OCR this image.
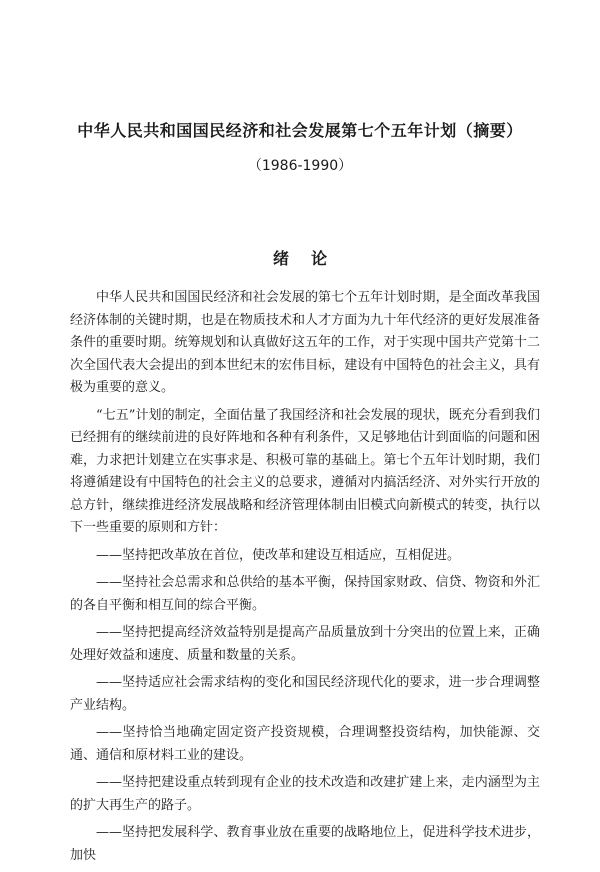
中华人民共和国国民经济和社会发展第七个五年计划（摘要）
（1986-1990）
绪论

中华人民共和国国民经济和社会发展的第七个五年计划时期，是全面改革我国经济体制的关键时期，也是在物质技术和人才方面为九十年代经济的更好发展准备条件的重要时期。统筹规划和认真做好这五年的工作，对于实现中国共产党第十二次全国代表大会提出的到本世纪末的宏伟目标，建设有中国特色的社会主义，具有极为重要的意义。

“七五”计划的制定，全面估量了我国经济和社会发展的现状，既充分看到我们已经拥有的继续前进的良好阵地和各种有利条件，又足够地估计到面临的问题和困难，力求把计划建立在实事求是、积极可靠的基础上。第七个五年计划时期，我们将遵循建设有中国特色的社会主义的总要求，遵循对内搞活经济、对外实行开放的总方针，继续推进经济发展战略和经济管理体制由旧模式向新模式的转变，执行以下一些重要的原则和方针：

——坚持把改革放在首位，使改革和建设互相适应，互相促进。

——坚持社会总需求和总供给的基本平衡，保持国家财政、信贷、物资和外汇的各自平衡和相互间的综合平衡。

——坚持把提高经济效益特别是提高产品质量放到十分突出的位置上来，正确处理好效益和速度、质量和数量的关系。

——坚持适应社会需求结构的变化和国民经济现代化的要求，进一步合理调整产业结构。

——坚持恰当地确定固定资产投资规模，合理调整投资结构，加快能源、交通、通信和原材料工业的建设。

——坚持把建设重点转到现有企业的技术改造和改建扩建上来，走内涵型为主的扩大再生产的路子。

——坚持把发展科学、教育事业放在重要的战略地位上，促进科学技术进步，加快
